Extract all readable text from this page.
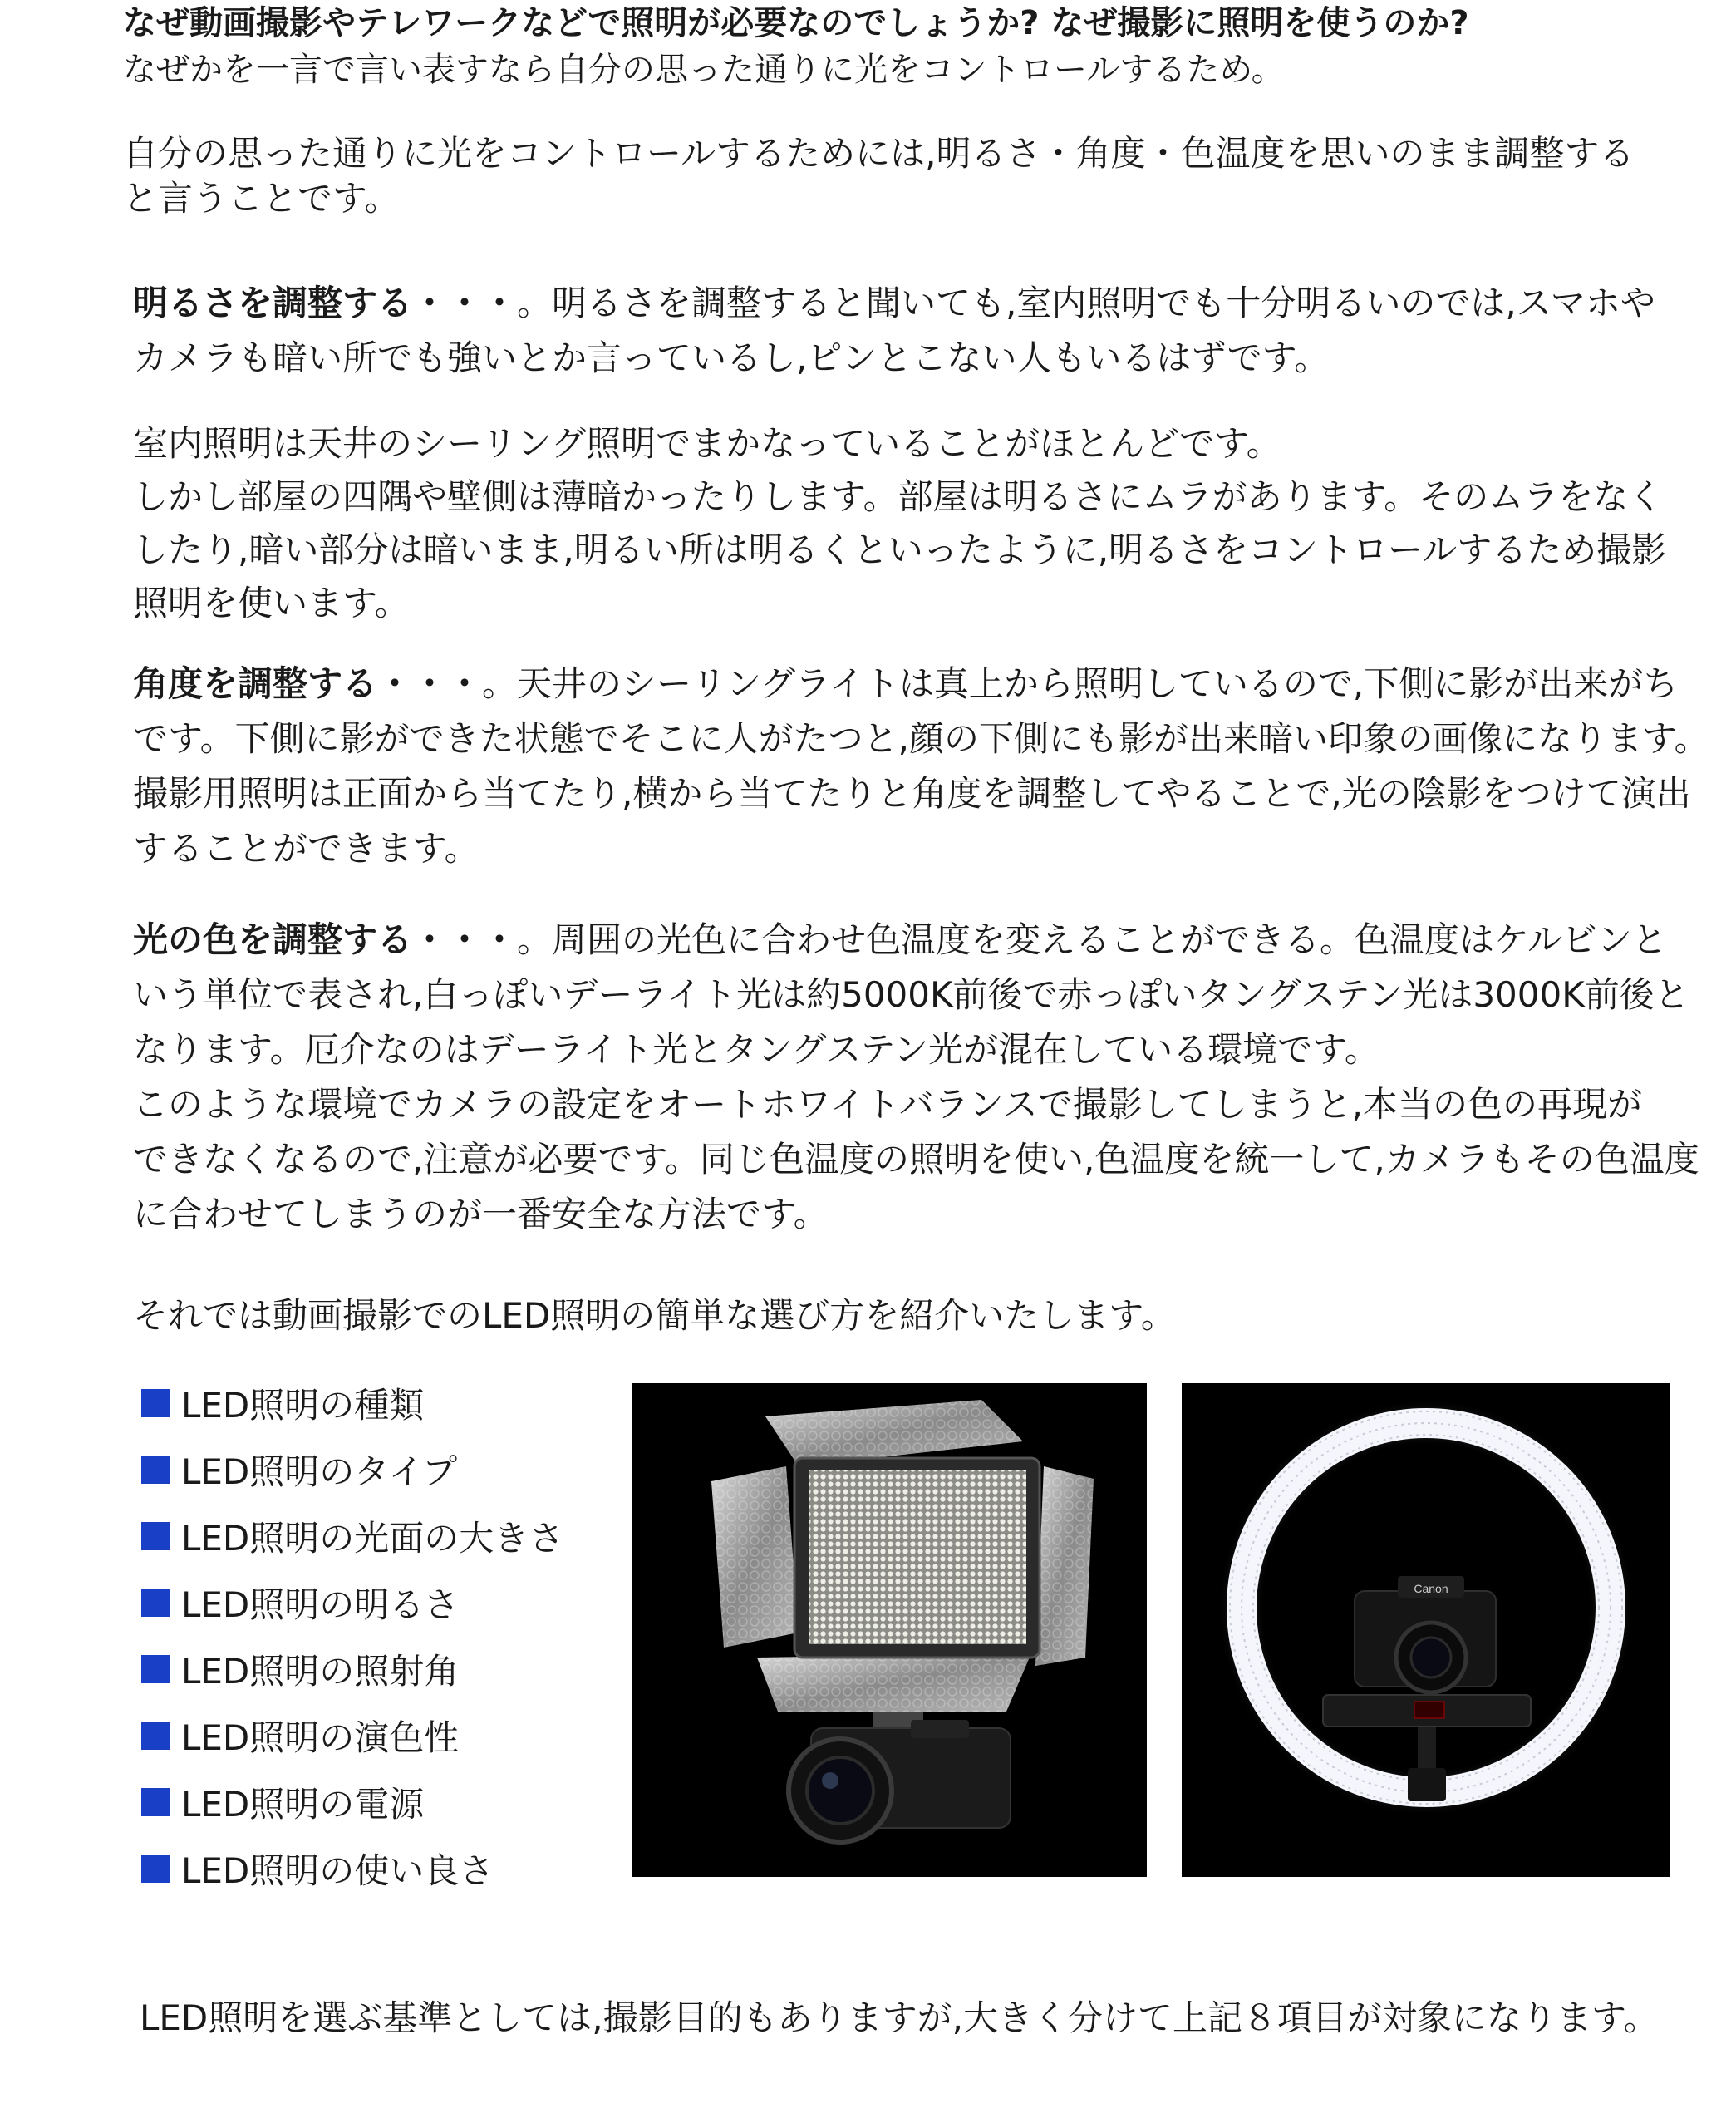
なぜ動画撮影やテレワークなどで照明が必要なのでしょうか? なぜ撮影に照明を使うのか?
なぜかを一言で言い表すなら自分の思った通りに光をコントロールするため。

自分の思った通りに光をコントロールするためには,明るさ・角度・色温度を思いのまま調整する
と言うことです。

明るさを調整する・・・。明るさを調整すると聞いても,室内照明でも十分明るいのでは,スマホや
カメラも暗い所でも強いとか言っているし,ピンとこない人もいるはずです。

室内照明は天井のシーリング照明でまかなっていることがほとんどです。
しかし部屋の四隅や壁側は薄暗かったりします。部屋は明るさにムラがあります。そのムラをなく
したり,暗い部分は暗いまま,明るい所は明るくといったように,明るさをコントロールするため撮影
照明を使います。

角度を調整する・・・。天井のシーリングライトは真上から照明しているので,下側に影が出来がち
です。下側に影ができた状態でそこに人がたつと,顔の下側にも影が出来暗い印象の画像になります。
撮影用照明は正面から当てたり,横から当てたりと角度を調整してやることで,光の陰影をつけて演出
することができます。

光の色を調整する・・・。周囲の光色に合わせ色温度を変えることができる。色温度はケルビンと
いう単位で表され,白っぽいデーライト光は約5000K前後で赤っぽいタングステン光は3000K前後と
なります。厄介なのはデーライト光とタングステン光が混在している環境です。
このような環境でカメラの設定をオートホワイトバランスで撮影してしまうと,本当の色の再現が
できなくなるので,注意が必要です。同じ色温度の照明を使い,色温度を統一して,カメラもその色温度
に合わせてしまうのが一番安全な方法です。

それでは動画撮影でのLED照明の簡単な選び方を紹介いたします。

LED照明の種類
LED照明のタイプ
LED照明の光面の大きさ
LED照明の明るさ
LED照明の照射角
LED照明の演色性
LED照明の電源
LED照明の使い良さ
Canon

LED照明を選ぶ基準としては,撮影目的もありますが,大きく分けて上記８項目が対象になります。
